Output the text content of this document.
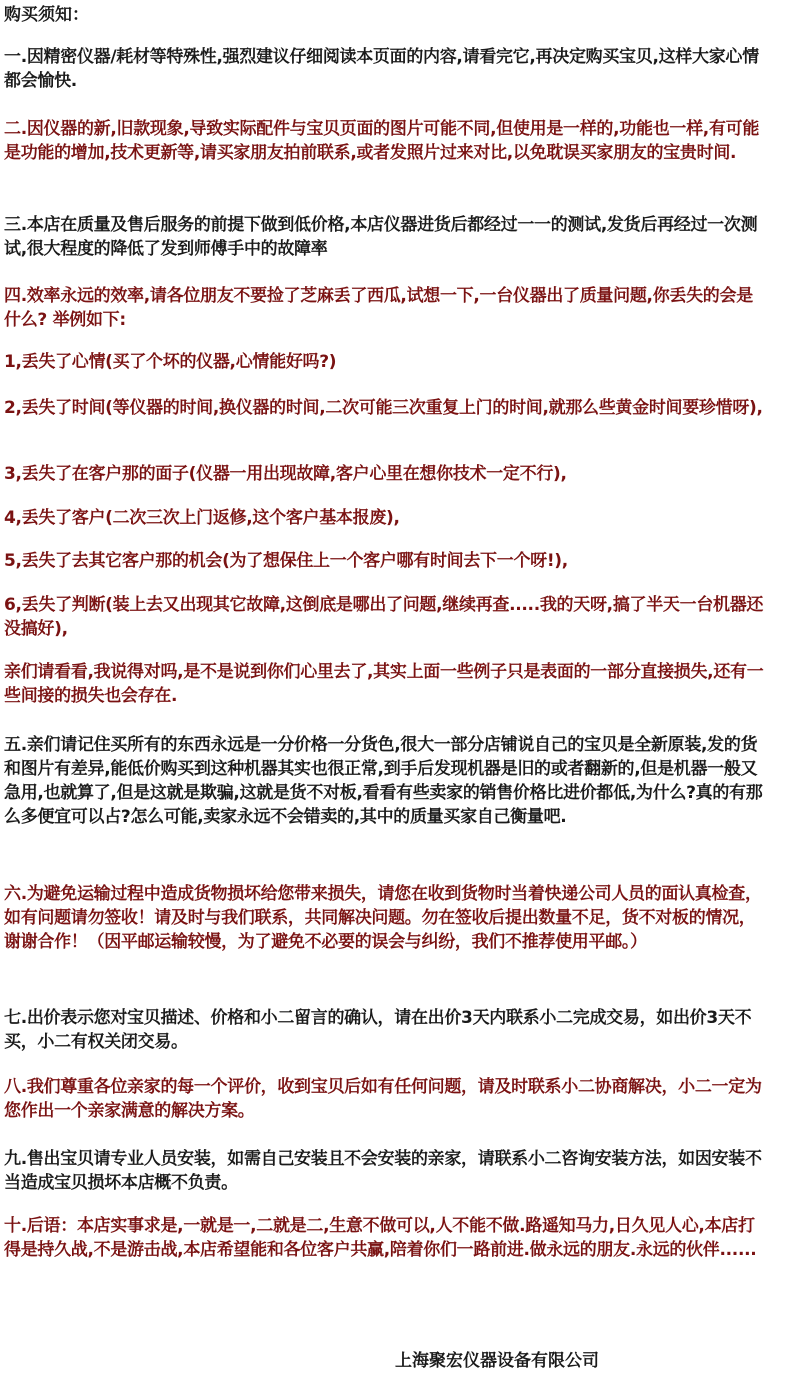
购买须知：

一.因精密仪器/耗材等特殊性,强烈建议仔细阅读本页面的内容,请看完它,再决定购买宝贝,这样大家心情都会愉快.

二.因仪器的新,旧款现象,导致实际配件与宝贝页面的图片可能不同,但使用是一样的,功能也一样,有可能是功能的增加,技术更新等,请买家朋友拍前联系,或者发照片过来对比,以免耽误买家朋友的宝贵时间.

三.本店在质量及售后服务的前提下做到低价格,本店仪器进货后都经过一一的测试,发货后再经过一次测试,很大程度的降低了发到师傅手中的故障率

四.效率永远的效率,请各位朋友不要捡了芝麻丢了西瓜,试想一下,一台仪器出了质量问题,你丢失的会是什么? 举例如下:

1,丢失了心情(买了个坏的仪器,心情能好吗?)

2,丢失了时间(等仪器的时间,换仪器的时间,二次可能三次重复上门的时间,就那么些黄金时间要珍惜呀),

3,丢失了在客户那的面子(仪器一用出现故障,客户心里在想你技术一定不行),

4,丢失了客户(二次三次上门返修,这个客户基本报废),

5,丢失了去其它客户那的机会(为了想保住上一个客户哪有时间去下一个呀!),

6,丢失了判断(装上去又出现其它故障,这倒底是哪出了问题,继续再查.....我的天呀,搞了半天一台机器还没搞好),

亲们请看看,我说得对吗,是不是说到你们心里去了,其实上面一些例子只是表面的一部分直接损失,还有一些间接的损失也会存在.

五.亲们请记住买所有的东西永远是一分价格一分货色,很大一部分店铺说自己的宝贝是全新原装,发的货和图片有差异,能低价购买到这种机器其实也很正常,到手后发现机器是旧的或者翻新的,但是机器一般又急用,也就算了,但是这就是欺骗,这就是货不对板,看看有些卖家的销售价格比进价都低,为什么?真的有那么多便宜可以占?怎么可能,卖家永远不会错卖的,其中的质量买家自己衡量吧.

六.为避免运输过程中造成货物损坏给您带来损失，请您在收到货物时当着快递公司人员的面认真检查，如有问题请勿签收！请及时与我们联系，共同解决问题。勿在签收后提出数量不足，货不对板的情况，谢谢合作！（因平邮运输较慢，为了避免不必要的误会与纠纷，我们不推荐使用平邮。）

七.出价表示您对宝贝描述、价格和小二留言的确认，请在出价3天内联系小二完成交易，如出价3天不买，小二有权关闭交易。

八.我们尊重各位亲家的每一个评价，收到宝贝后如有任何问题，请及时联系小二协商解决，小二一定为您作出一个亲家满意的解决方案。

九.售出宝贝请专业人员安装，如需自己安装且不会安装的亲家，请联系小二咨询安装方法，如因安装不当造成宝贝损坏本店概不负责。

十.后语：本店实事求是,一就是一,二就是二,生意不做可以,人不能不做.路遥知马力,日久见人心,本店打得是持久战,不是游击战,本店希望能和各位客户共赢,陪着你们一路前进.做永远的朋友.永远的伙伴......

上海聚宏仪器设备有限公司
